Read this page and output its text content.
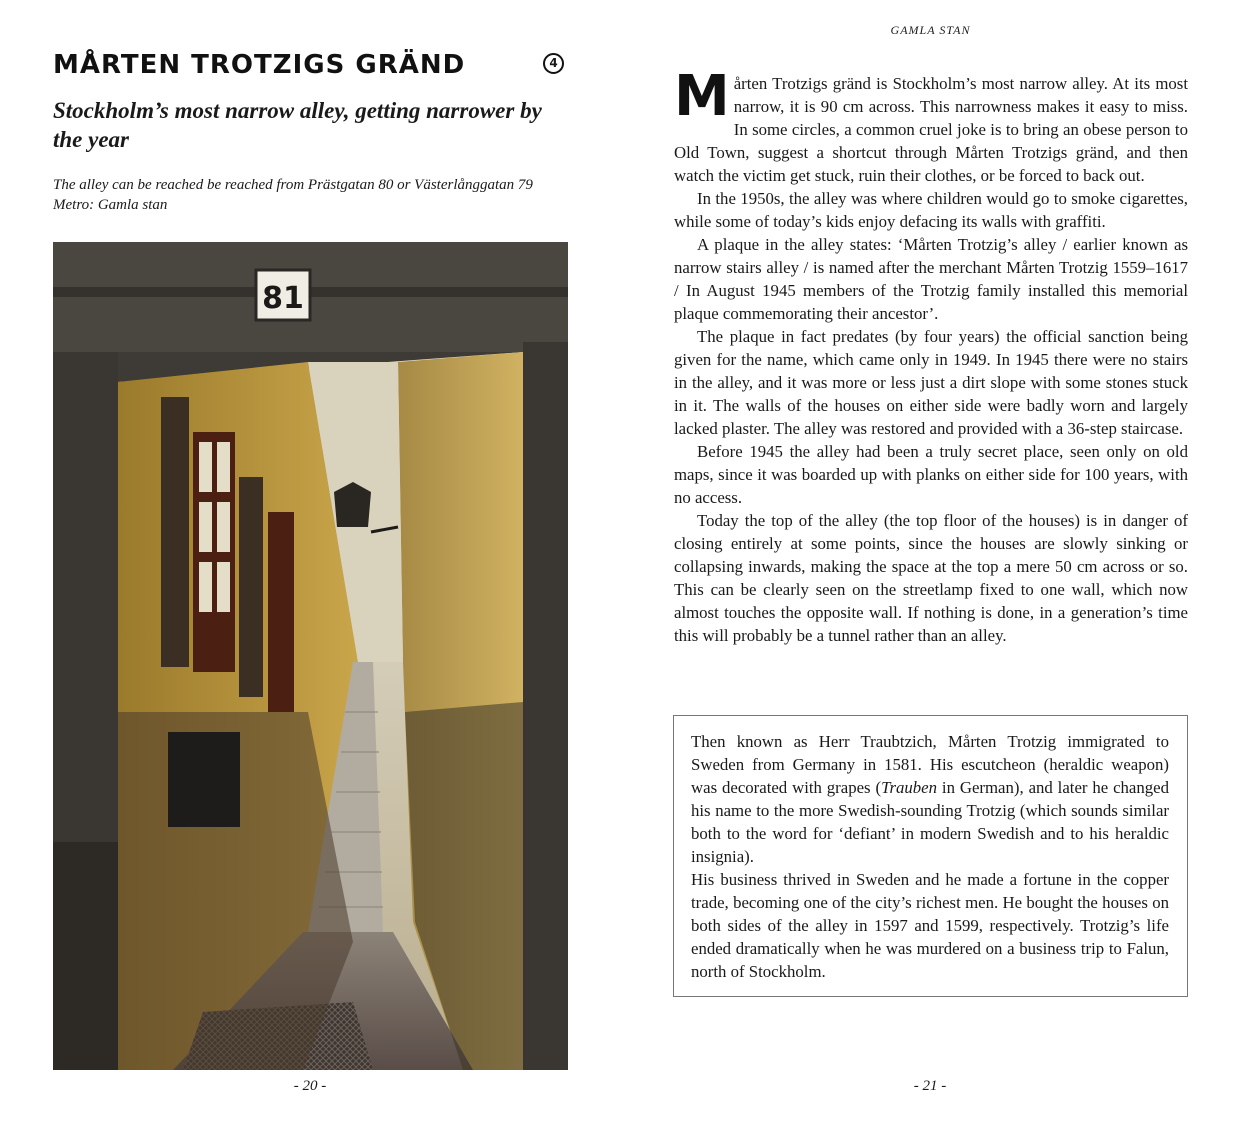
MÅRTEN TROTZIGS GRÄND	4
Stockholm’s most narrow alley, getting narrower by the year
The alley can be reached be reached from Prästgatan 80 or Västerlånggatan 79
Metro: Gamla stan
81
- 20 -
GAMLA STAN

Mårten Trotzigs gränd is Stockholm’s most narrow alley. At its most narrow, it is 90 cm across. This narrowness makes it easy to miss. In some circles, a common cruel joke is to bring an obese person to Old Town, suggest a shortcut through Mårten Trotzigs gränd, and then watch the victim get stuck, ruin their clothes, or be forced to back out.

In the 1950s, the alley was where children would go to smoke cigarettes, while some of today’s kids enjoy defacing its walls with graffiti.

A plaque in the alley states: ‘Mårten Trotzig’s alley / earlier known as narrow stairs alley / is named after the merchant Mårten Trotzig 1559–1617 / In August 1945 members of the Trotzig family installed this memorial plaque commemorating their ancestor’.

The plaque in fact predates (by four years) the official sanction being given for the name, which came only in 1949. In 1945 there were no stairs in the alley, and it was more or less just a dirt slope with some stones stuck in it. The walls of the houses on either side were badly worn and largely lacked plaster. The alley was restored and provided with a 36-step staircase.

Before 1945 the alley had been a truly secret place, seen only on old maps, since it was boarded up with planks on either side for 100 years, with no access.

Today the top of the alley (the top floor of the houses) is in danger of closing entirely at some points, since the houses are slowly sinking or collapsing inwards, making the space at the top a mere 50 cm across or so. This can be clearly seen on the streetlamp fixed to one wall, which now almost touches the opposite wall. If nothing is done, in a generation’s time this will probably be a tunnel rather than an alley.

Then known as Herr Traubtzich, Mårten Trotzig immigrated to Sweden from Germany in 1581. His escutcheon (heraldic weapon) was decorated with grapes (Trauben in German), and later he changed his name to the more Swedish-sounding Trotzig (which sounds similar both to the word for ‘defiant’ in modern Swedish and to his heraldic insignia).

His business thrived in Sweden and he made a fortune in the copper trade, becoming one of the city’s richest men. He bought the houses on both sides of the alley in 1597 and 1599, respectively. Trotzig’s life ended dramatically when he was murdered on a business trip to Falun, north of Stockholm.

- 21 -
